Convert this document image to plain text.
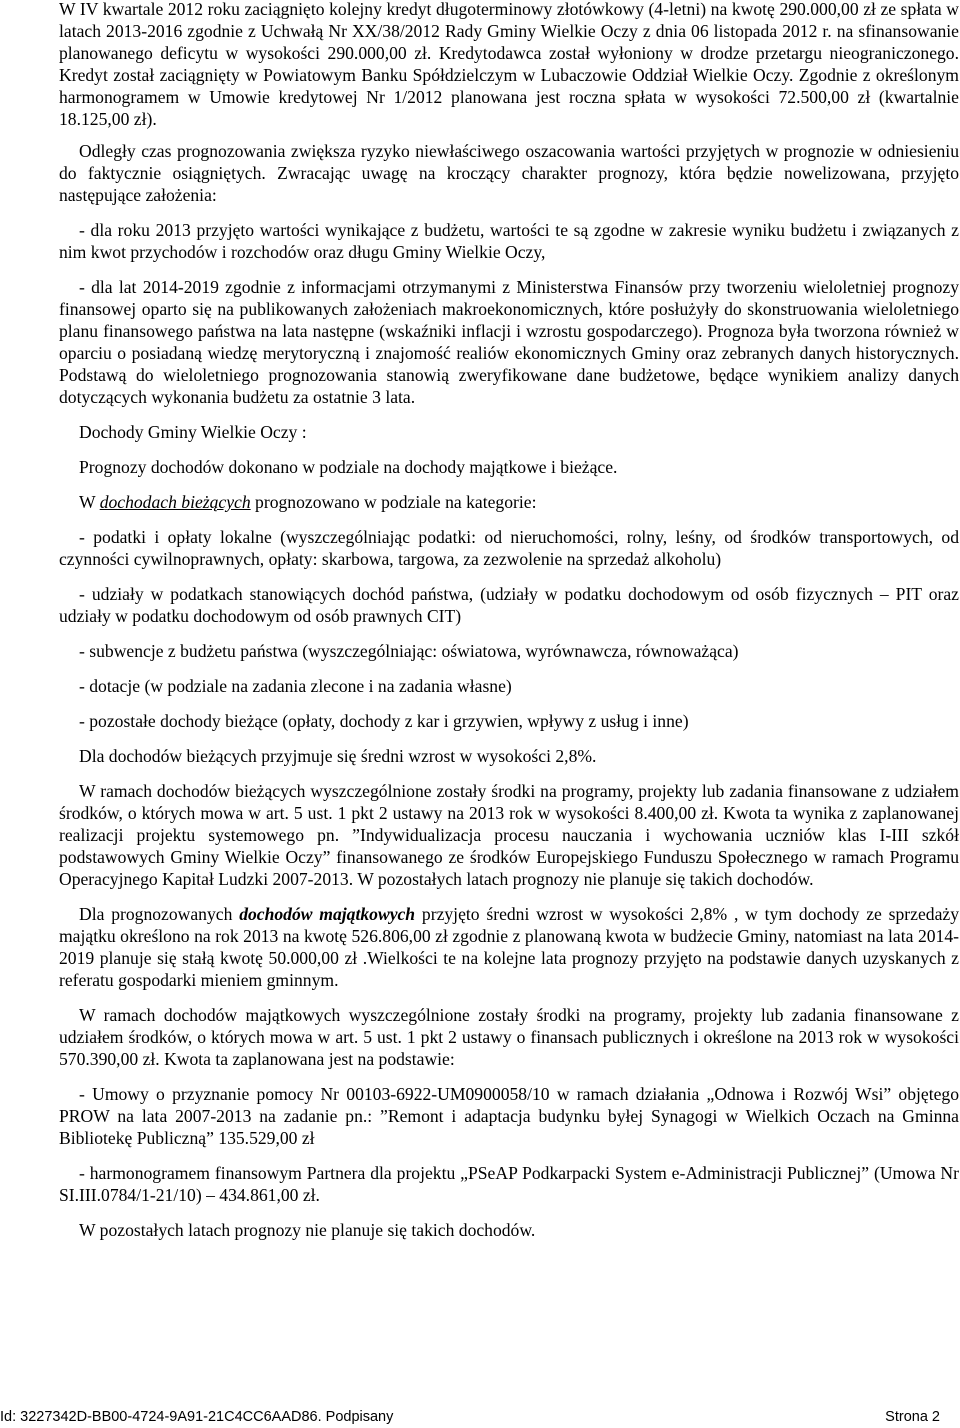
W IV kwartale 2012 roku zaciągnięto kolejny kredyt długoterminowy złotówkowy (4-letni) na kwotę 290.000,00 zł ze spłata w latach 2013-2016 zgodnie z Uchwałą Nr XX/38/2012 Rady Gminy Wielkie Oczy z dnia 06 listopada 2012 r. na sfinansowanie planowanego deficytu w wysokości 290.000,00 zł. Kredytodawca został wyłoniony w drodze przetargu nieograniczonego. Kredyt został zaciągnięty w Powiatowym Banku Spółdzielczym w Lubaczowie Oddział Wielkie Oczy. Zgodnie z określonym harmonogramem w Umowie kredytowej Nr 1/2012 planowana jest roczna spłata w wysokości 72.500,00 zł (kwartalnie 18.125,00 zł).

Odległy czas prognozowania zwiększa ryzyko niewłaściwego oszacowania wartości przyjętych w prognozie w odniesieniu do faktycznie osiągniętych. Zwracając uwagę na kroczący charakter prognozy, która będzie nowelizowana, przyjęto następujące założenia:

- dla roku 2013 przyjęto wartości wynikające z budżetu, wartości te są zgodne w zakresie wyniku budżetu i związanych z nim kwot przychodów i rozchodów oraz długu Gminy Wielkie Oczy,

- dla lat 2014-2019 zgodnie z informacjami otrzymanymi z Ministerstwa Finansów przy tworzeniu wieloletniej prognozy finansowej oparto się na publikowanych założeniach makroekonomicznych, które posłużyły do skonstruowania wieloletniego planu finansowego państwa na lata następne (wskaźniki inflacji i wzrostu gospodarczego). Prognoza była tworzona również w oparciu o posiadaną wiedzę merytoryczną i znajomość realiów ekonomicznych Gminy oraz zebranych danych historycznych. Podstawą do wieloletniego prognozowania stanowią zweryfikowane dane budżetowe, będące wynikiem analizy danych dotyczących wykonania budżetu za ostatnie 3 lata.

Dochody Gminy Wielkie Oczy :

Prognozy dochodów dokonano w podziale na dochody majątkowe i bieżące.

W dochodach bieżących prognozowano w podziale na kategorie:

- podatki i opłaty lokalne (wyszczególniając podatki: od nieruchomości, rolny, leśny, od środków transportowych, od czynności cywilnoprawnych, opłaty: skarbowa, targowa, za zezwolenie na sprzedaż alkoholu)

- udziały w podatkach stanowiących dochód państwa, (udziały w podatku dochodowym od osób fizycznych – PIT oraz udziały w podatku dochodowym od osób prawnych CIT)

- subwencje z budżetu państwa (wyszczególniając: oświatowa, wyrównawcza, równoważąca)

- dotacje (w podziale na zadania zlecone i na zadania własne)

- pozostałe dochody bieżące (opłaty, dochody z kar i grzywien, wpływy z usług i inne)

Dla dochodów bieżących przyjmuje się średni wzrost w wysokości 2,8%.

W ramach dochodów bieżących wyszczególnione zostały środki na programy, projekty lub zadania finansowane z udziałem środków, o których mowa w art. 5 ust. 1 pkt 2 ustawy na 2013 rok w wysokości 8.400,00 zł. Kwota ta wynika z zaplanowanej realizacji projektu systemowego pn. ”Indywidualizacja procesu nauczania i wychowania uczniów klas I-III szkół podstawowych Gminy Wielkie Oczy” finansowanego ze środków Europejskiego Funduszu Społecznego w ramach Programu Operacyjnego Kapitał Ludzki 2007-2013. W pozostałych latach prognozy nie planuje się takich dochodów.

Dla prognozowanych dochodów majątkowych przyjęto średni wzrost w wysokości 2,8% , w tym dochody ze sprzedaży majątku określono na rok 2013 na kwotę 526.806,00 zł zgodnie z planowaną kwota w budżecie Gminy, natomiast na lata 2014-2019 planuje się stałą kwotę 50.000,00 zł .Wielkości te na kolejne lata prognozy przyjęto na podstawie danych uzyskanych z referatu gospodarki mieniem gminnym.

W ramach dochodów majątkowych wyszczególnione zostały środki na programy, projekty lub zadania finansowane z udziałem środków, o których mowa w art. 5 ust. 1 pkt 2 ustawy o finansach publicznych i określone na 2013 rok w wysokości 570.390,00 zł. Kwota ta zaplanowana jest na podstawie:

- Umowy o przyznanie pomocy Nr 00103-6922-UM0900058/10 w ramach działania „Odnowa i Rozwój Wsi” objętego PROW na lata 2007-2013 na zadanie pn.: ”Remont i adaptacja budynku byłej Synagogi w Wielkich Oczach na Gminna Bibliotekę Publiczną” 135.529,00 zł

- harmonogramem finansowym Partnera dla projektu „PSeAP Podkarpacki System e-Administracji Publicznej” (Umowa Nr SI.III.0784/1-21/10) – 434.861,00 zł.

W pozostałych latach prognozy nie planuje się takich dochodów.

Id: 3227342D-BB00-4724-9A91-21C4CC6AAD86. Podpisany	Strona 2
